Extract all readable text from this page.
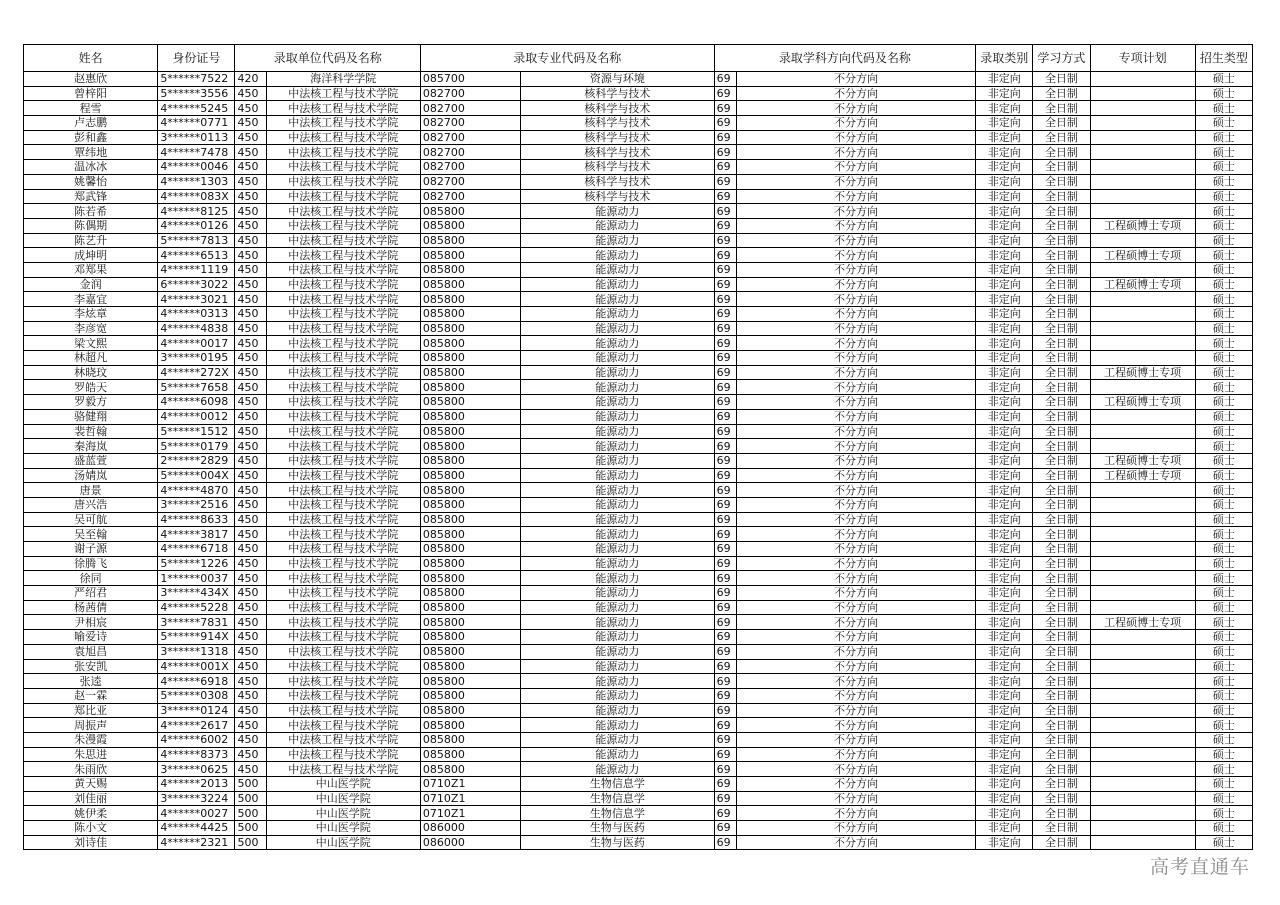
姓名	身份证号	录取单位代码及名称		录取专业代码及名称		录取学科方向代码及名称		录取类别	学习方式	专项计划	招生类型
赵惠欣	5******7522	420	海洋科学学院	085700	资源与环境	69	不分方向	非定向	全日制		硕士
曾梓阳	5******3556	450	中法核工程与技术学院	082700	核科学与技术	69	不分方向	非定向	全日制		硕士
程雪	4******5245	450	中法核工程与技术学院	082700	核科学与技术	69	不分方向	非定向	全日制		硕士
卢志鹏	4******0771	450	中法核工程与技术学院	082700	核科学与技术	69	不分方向	非定向	全日制		硕士
彭和鑫	3******0113	450	中法核工程与技术学院	082700	核科学与技术	69	不分方向	非定向	全日制		硕士
覃纬地	4******7478	450	中法核工程与技术学院	082700	核科学与技术	69	不分方向	非定向	全日制		硕士
温冰冰	4******0046	450	中法核工程与技术学院	082700	核科学与技术	69	不分方向	非定向	全日制		硕士
姚馨怡	4******1303	450	中法核工程与技术学院	082700	核科学与技术	69	不分方向	非定向	全日制		硕士
郑武锋	4******083X	450	中法核工程与技术学院	082700	核科学与技术	69	不分方向	非定向	全日制		硕士
陈若希	4******8125	450	中法核工程与技术学院	085800	能源动力	69	不分方向	非定向	全日制		硕士
陈偶期	4******0126	450	中法核工程与技术学院	085800	能源动力	69	不分方向	非定向	全日制	工程硕博士专项	硕士
陈艺升	5******7813	450	中法核工程与技术学院	085800	能源动力	69	不分方向	非定向	全日制		硕士
成坤明	4******6513	450	中法核工程与技术学院	085800	能源动力	69	不分方向	非定向	全日制	工程硕博士专项	硕士
邓郑果	4******1119	450	中法核工程与技术学院	085800	能源动力	69	不分方向	非定向	全日制		硕士
金润	6******3022	450	中法核工程与技术学院	085800	能源动力	69	不分方向	非定向	全日制	工程硕博士专项	硕士
李嘉宜	4******3021	450	中法核工程与技术学院	085800	能源动力	69	不分方向	非定向	全日制		硕士
李炫章	4******0313	450	中法核工程与技术学院	085800	能源动力	69	不分方向	非定向	全日制		硕士
李彦宽	4******4838	450	中法核工程与技术学院	085800	能源动力	69	不分方向	非定向	全日制		硕士
梁文熙	4******0017	450	中法核工程与技术学院	085800	能源动力	69	不分方向	非定向	全日制		硕士
林超凡	3******0195	450	中法核工程与技术学院	085800	能源动力	69	不分方向	非定向	全日制		硕士
林晓玟	4******272X	450	中法核工程与技术学院	085800	能源动力	69	不分方向	非定向	全日制	工程硕博士专项	硕士
罗皓天	5******7658	450	中法核工程与技术学院	085800	能源动力	69	不分方向	非定向	全日制		硕士
罗毅方	4******6098	450	中法核工程与技术学院	085800	能源动力	69	不分方向	非定向	全日制	工程硕博士专项	硕士
骆健翔	4******0012	450	中法核工程与技术学院	085800	能源动力	69	不分方向	非定向	全日制		硕士
裴哲翰	5******1512	450	中法核工程与技术学院	085800	能源动力	69	不分方向	非定向	全日制		硕士
秦海岚	5******0179	450	中法核工程与技术学院	085800	能源动力	69	不分方向	非定向	全日制		硕士
盛蓝萱	2******2829	450	中法核工程与技术学院	085800	能源动力	69	不分方向	非定向	全日制	工程硕博士专项	硕士
汤婧岚	5******004X	450	中法核工程与技术学院	085800	能源动力	69	不分方向	非定向	全日制	工程硕博士专项	硕士
唐景	4******4870	450	中法核工程与技术学院	085800	能源动力	69	不分方向	非定向	全日制		硕士
唐兴浩	3******2516	450	中法核工程与技术学院	085800	能源动力	69	不分方向	非定向	全日制		硕士
吴可航	4******8633	450	中法核工程与技术学院	085800	能源动力	69	不分方向	非定向	全日制		硕士
吴至翰	4******3817	450	中法核工程与技术学院	085800	能源动力	69	不分方向	非定向	全日制		硕士
谢子源	4******6718	450	中法核工程与技术学院	085800	能源动力	69	不分方向	非定向	全日制		硕士
徐腾飞	5******1226	450	中法核工程与技术学院	085800	能源动力	69	不分方向	非定向	全日制		硕士
徐同	1******0037	450	中法核工程与技术学院	085800	能源动力	69	不分方向	非定向	全日制		硕士
严绍君	3******434X	450	中法核工程与技术学院	085800	能源动力	69	不分方向	非定向	全日制		硕士
杨茜倩	4******5228	450	中法核工程与技术学院	085800	能源动力	69	不分方向	非定向	全日制		硕士
尹相宸	3******7831	450	中法核工程与技术学院	085800	能源动力	69	不分方向	非定向	全日制	工程硕博士专项	硕士
喻爱诗	5******914X	450	中法核工程与技术学院	085800	能源动力	69	不分方向	非定向	全日制		硕士
袁旭昌	3******1318	450	中法核工程与技术学院	085800	能源动力	69	不分方向	非定向	全日制		硕士
张安凯	4******001X	450	中法核工程与技术学院	085800	能源动力	69	不分方向	非定向	全日制		硕士
张逵	4******6918	450	中法核工程与技术学院	085800	能源动力	69	不分方向	非定向	全日制		硕士
赵一霖	5******0308	450	中法核工程与技术学院	085800	能源动力	69	不分方向	非定向	全日制		硕士
郑比亚	3******0124	450	中法核工程与技术学院	085800	能源动力	69	不分方向	非定向	全日制		硕士
周振声	4******2617	450	中法核工程与技术学院	085800	能源动力	69	不分方向	非定向	全日制		硕士
朱漫霞	4******6002	450	中法核工程与技术学院	085800	能源动力	69	不分方向	非定向	全日制		硕士
朱思进	4******8373	450	中法核工程与技术学院	085800	能源动力	69	不分方向	非定向	全日制		硕士
朱雨欣	3******0625	450	中法核工程与技术学院	085800	能源动力	69	不分方向	非定向	全日制		硕士
黄天赐	4******2013	500	中山医学院	0710Z1	生物信息学	69	不分方向	非定向	全日制		硕士
刘佳丽	3******3224	500	中山医学院	0710Z1	生物信息学	69	不分方向	非定向	全日制		硕士
姚伊柔	4******0027	500	中山医学院	0710Z1	生物信息学	69	不分方向	非定向	全日制		硕士
陈小文	4******4425	500	中山医学院	086000	生物与医药	69	不分方向	非定向	全日制		硕士
刘诗佳	4******2321	500	中山医学院	086000	生物与医药	69	不分方向	非定向	全日制		硕士
高考直通车
